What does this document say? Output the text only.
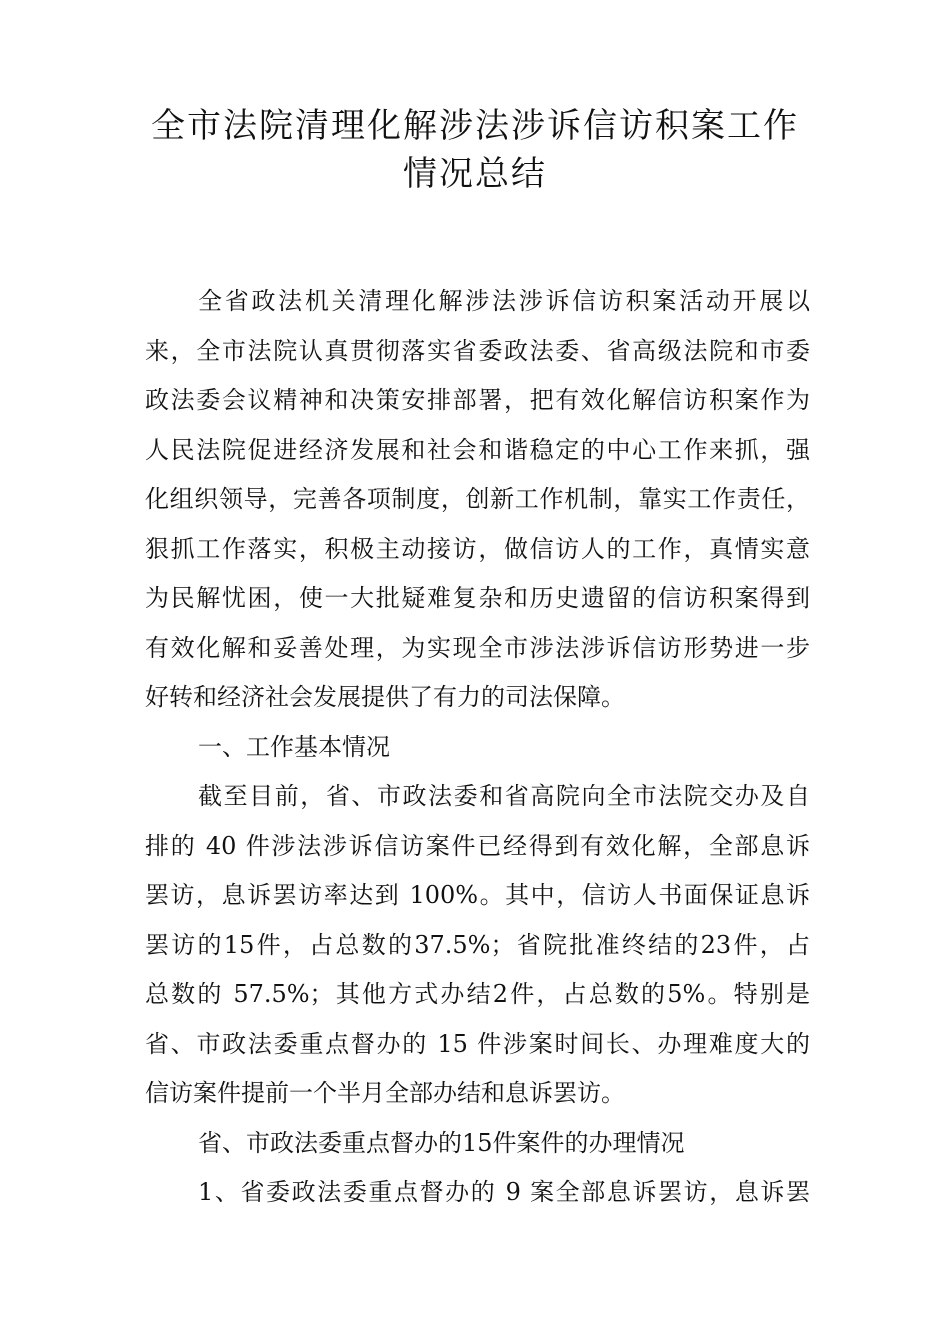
全市法院清理化解涉法涉诉信访积案工作
情况总结
全省政法机关清理化解涉法涉诉信访积案活动开展以
来，全市法院认真贯彻落实省委政法委、省高级法院和市委
政法委会议精神和决策安排部署，把有效化解信访积案作为
人民法院促进经济发展和社会和谐稳定的中心工作来抓，强
化组织领导，完善各项制度，创新工作机制，靠实工作责任，
狠抓工作落实，积极主动接访，做信访人的工作，真情实意
为民解忧困，使一大批疑难复杂和历史遗留的信访积案得到
有效化解和妥善处理，为实现全市涉法涉诉信访形势进一步
好转和经济社会发展提供了有力的司法保障。
一、工作基本情况
截至目前，省、市政法委和省高院向全市法院交办及自
排的 40 件涉法涉诉信访案件已经得到有效化解，全部息诉
罢访，息诉罢访率达到 100%。其中，信访人书面保证息诉
罢访的15件，占总数的37.5%；省院批准终结的23件，占
总数的 57.5%；其他方式办结2件，占总数的5%。特别是
省、市政法委重点督办的 15 件涉案时间长、办理难度大的
信访案件提前一个半月全部办结和息诉罢访。
省、市政法委重点督办的15件案件的办理情况
1、省委政法委重点督办的 9 案全部息诉罢访，息诉罢
